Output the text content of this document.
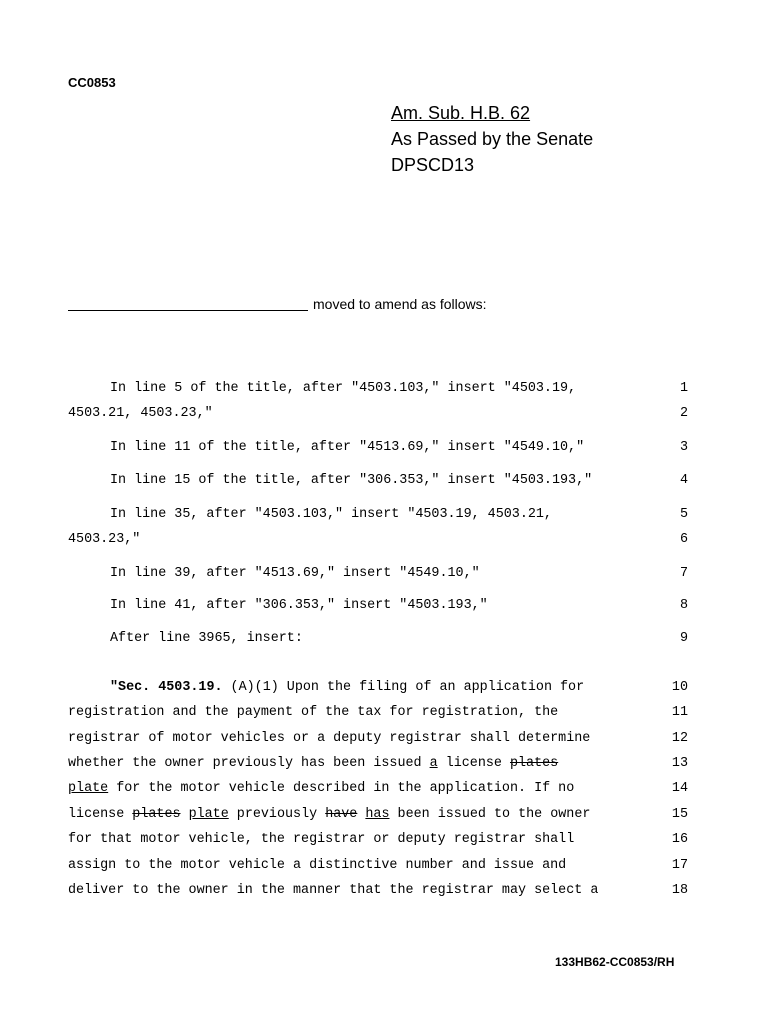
CC0853
Am. Sub. H.B. 62
As Passed by the Senate
DPSCD13
moved to amend as follows:
In line 5 of the title, after "4503.103," insert "4503.19,
4503.21, 4503.23,"
In line 11 of the title, after "4513.69," insert "4549.10,"
In line 15 of the title, after "306.353," insert "4503.193,"
In line 35, after "4503.103," insert "4503.19, 4503.21,
4503.23,"
In line 39, after "4513.69," insert "4549.10,"
In line 41, after "306.353," insert "4503.193,"
After line 3965, insert:
"Sec. 4503.19. (A)(1) Upon the filing of an application for
registration and the payment of the tax for registration, the
registrar of motor vehicles or a deputy registrar shall determine
whether the owner previously has been issued a license plates
plate for the motor vehicle described in the application. If no
license plates plate previously have has been issued to the owner
for that motor vehicle, the registrar or deputy registrar shall
assign to the motor vehicle a distinctive number and issue and
deliver to the owner in the manner that the registrar may select a
1
2
3
4
5
6
7
8
9
10
11
12
13
14
15
16
17
18
133HB62-CC0853/RH
